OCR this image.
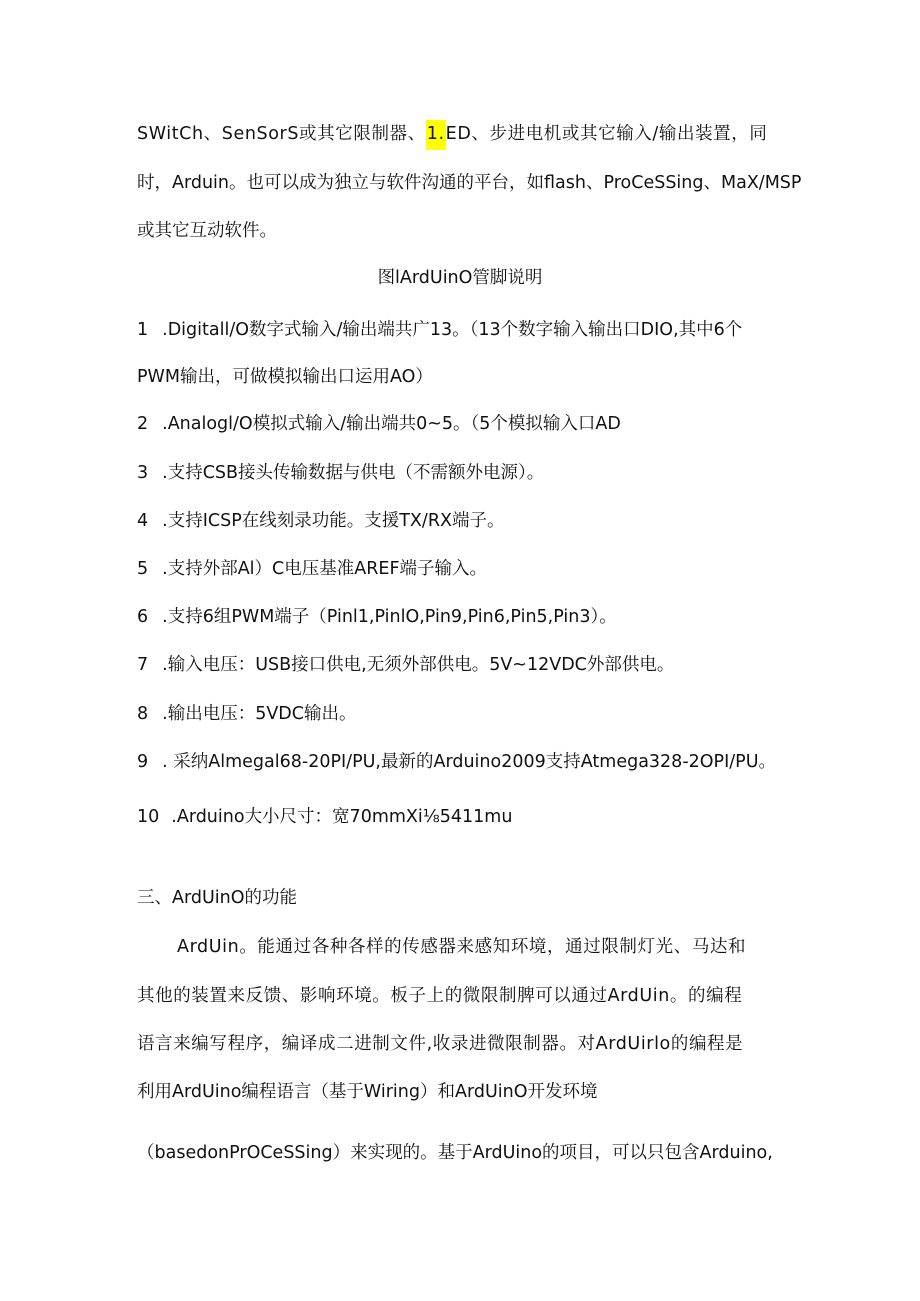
SWitCh、SenSorS或其它限制器、1.ED、步进电机或其它输入/输出装置，同
时，Arduin。也可以成为独立与软件沟通的平台，如flash、ProCeSSing、MaX/MSP
或其它互动软件。
图lArdUinO管脚说明
1 .Digitall/O数字式输入/输出端共广13。（13个数字输入输出口DIO,其中6个
PWM输出，可做模拟输出口运用AO）
2 .Analogl/O模拟式输入/输出端共0~5。（5个模拟输入口AD
3 .支持CSB接头传输数据与供电（不需额外电源）。
4 .支持ICSP在线刻录功能。支援TX/RX端子。
5 .支持外部Al）C电压基准AREF端子输入。
6 .支持6组PWM端子（Pinl1,PinlO,Pin9,Pin6,Pin5,Pin3）。
7 .输入电压：USB接口供电,无须外部供电。5V~12VDC外部供电。
8 .输出电压：5VDC输出。
9 . 采纳Almegal68-20PI/PU,最新的Arduino2009支持Atmega328-2OPI/PU。
10 .Arduino大小尺寸：宽70mmXi⅛5411mu
三、ArdUinO的功能
ArdUin。能通过各种各样的传感器来感知环境，通过限制灯光、马达和
其他的装置来反馈、影响环境。板子上的微限制脾可以通过ArdUin。的编程
语言来编写程序，编译成二进制文件,收录进微限制器。对ArdUirlo的编程是
利用ArdUino编程语言（基于Wiring）和ArdUinO开发环境
（basedonPrOCeSSing）来实现的。基于ArdUino的项目，可以只包含Arduino,
